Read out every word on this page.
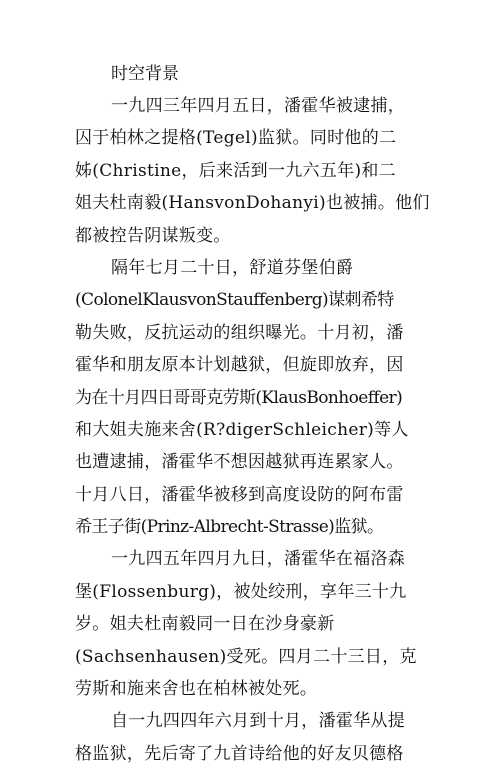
时空背景
一九四三年四月五日，潘霍华被逮捕，
囚于柏林之提格(Tegel)监狱。同时他的二
姊(Christine，后来活到一九六五年)和二
姐夫杜南毅(HansvonDohanyi)也被捕。他们
都被控告阴谋叛变。
隔年七月二十日，舒道芬堡伯爵
(ColonelKlausvonStauffenberg)谋刺希特
勒失败，反抗运动的组织曝光。十月初，潘
霍华和朋友原本计划越狱，但旋即放弃，因
为在十月四日哥哥克劳斯(KlausBonhoeffer)
和大姐夫施来舍(R?digerSchleicher)等人
也遭逮捕，潘霍华不想因越狱再连累家人。
十月八日，潘霍华被移到高度设防的阿布雷
希王子街(Prinz-Albrecht-Strasse)监狱。
一九四五年四月九日，潘霍华在福洛森
堡(Flossenburg)，被处绞刑，享年三十九
岁。姐夫杜南毅同一日在沙身豪新
(Sachsenhausen)受死。四月二十三日，克
劳斯和施来舍也在柏林被处死。
自一九四四年六月到十月，潘霍华从提
格监狱，先后寄了九首诗给他的好友贝德格
